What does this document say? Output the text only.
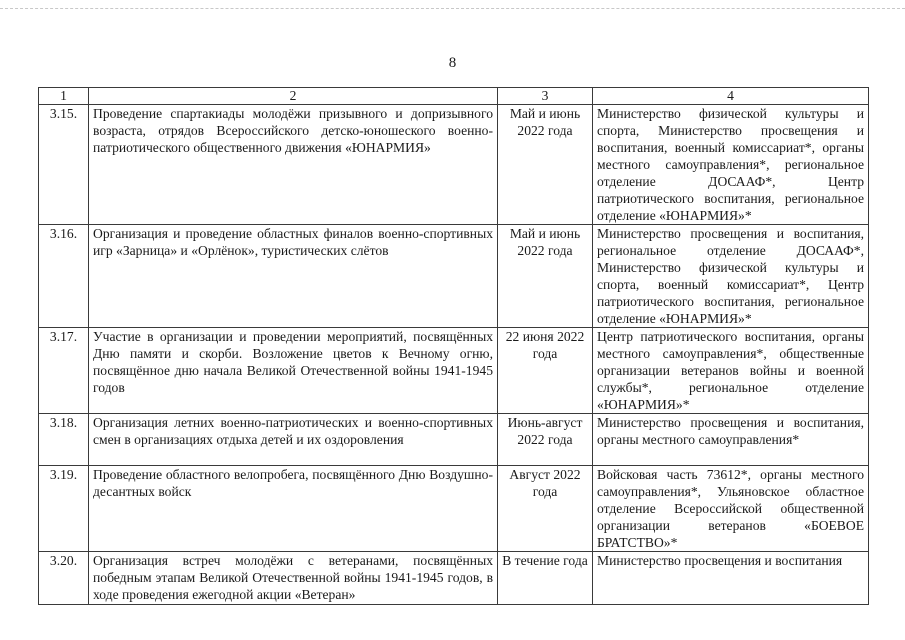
8
1	2	3	4
3.15.	Проведение спартакиады молодёжи призывного и допризывного возраста, отрядов Всероссийского детско-юношеского военно-патриотического общественного движения «ЮНАРМИЯ»	Май и июнь 2022 года	Министерство физической культуры и спорта, Министерство просвещения и воспитания, военный комиссариат*, органы местного самоуправления*, региональное отделение ДОСААФ*, Центр патриотического воспитания, региональное отделение «ЮНАРМИЯ»*
3.16.	Организация и проведение областных финалов военно-спортивных игр «Зарница» и «Орлёнок», туристических слётов	Май и июнь 2022 года	Министерство просвещения и воспитания, региональное отделение ДОСААФ*, Министерство физической культуры и спорта, военный комиссариат*, Центр патриотического воспитания, региональное отделение «ЮНАРМИЯ»*
3.17.	Участие в организации и проведении мероприятий, посвящённых Дню памяти и скорби. Возложение цветов к Вечному огню, посвящённое дню начала Великой Отечественной войны 1941-1945 годов	22 июня 2022 года	Центр патриотического воспитания, органы местного самоуправления*, общественные организации ветеранов войны и военной службы*, региональное отделение «ЮНАРМИЯ»*
3.18.	Организация летних военно-патриотических и военно-спортивных смен в организациях отдыха детей и их оздоровления	Июнь-август 2022 года	Министерство просвещения и воспитания, органы местного самоуправления*
3.19.	Проведение областного велопробега, посвящённого Дню Воздушно-десантных войск	Август 2022 года	Войсковая часть 73612*, органы местного самоуправления*, Ульяновское областное отделение Всероссийской общественной организации ветеранов «БОЕВОЕ БРАТСТВО»*
3.20.	Организация встреч молодёжи с ветеранами, посвящённых победным этапам Великой Отечественной войны 1941-1945 годов, в ходе проведения ежегодной акции «Ветеран»	В течение года	Министерство просвещения и воспитания
